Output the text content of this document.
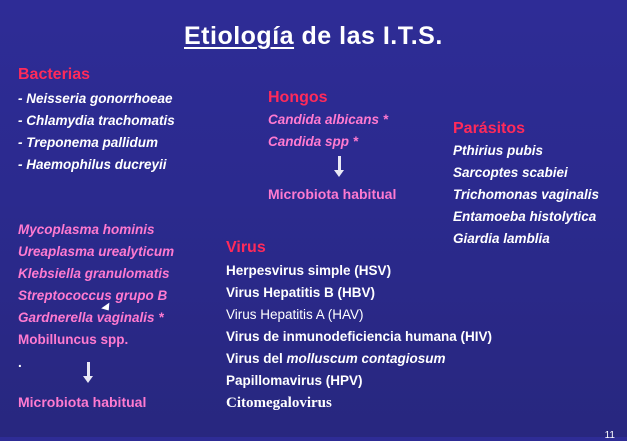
Etiología de las I.T.S.
Bacterias
- Neisseria gonorrhoeae
- Chlamydia trachomatis
- Treponema pallidum
- Haemophilus ducreyii
Mycoplasma hominis
Ureaplasma urealyticum
Klebsiella granulomatis
Streptococcus grupo B
Gardnerella vaginalis *
Mobilluncus spp.
.
Microbiota habitual
Hongos
Candida albicans *
Candida spp *
Microbiota habitual
Parásitos
Pthirius pubis
Sarcoptes scabiei
Trichomonas vaginalis
Entamoeba histolytica
Giardia lamblia
Virus
Herpesvirus simple (HSV)
Virus Hepatitis B (HBV)
Virus Hepatitis A (HAV)
Virus de inmunodeficiencia humana (HIV)
Virus del molluscum contagiosum
Papillomavirus (HPV)
Citomegalovirus
11
